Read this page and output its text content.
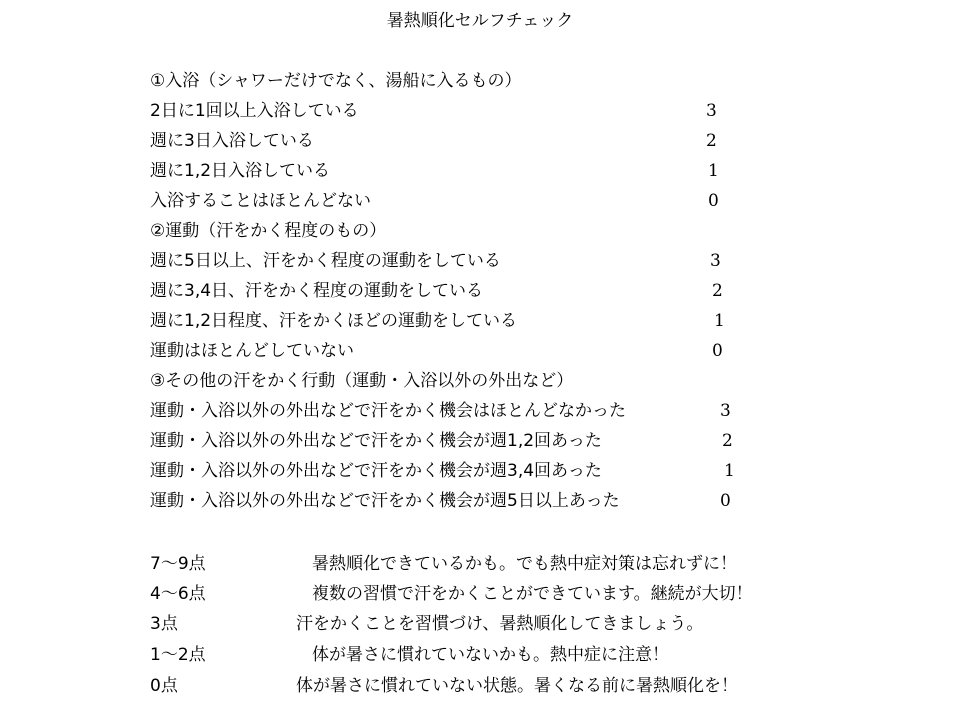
暑熱順化セルフチェック
①入浴（シャワーだけでなく、湯船に入るもの）
2日に1回以上入浴している	3
週に3日入浴している	2
週に1,2日入浴している	1
入浴することはほとんどない	0
②運動（汗をかく程度のもの）
週に5日以上、汗をかく程度の運動をしている	3
週に3,4日、汗をかく程度の運動をしている	2
週に1,2日程度、汗をかくほどの運動をしている	1
運動はほとんどしていない	0
③その他の汗をかく行動（運動・入浴以外の外出など）
運動・入浴以外の外出などで汗をかく機会はほとんどなかった	3
運動・入浴以外の外出などで汗をかく機会が週1,2回あった	2
運動・入浴以外の外出などで汗をかく機会が週3,4回あった	1
運動・入浴以外の外出などで汗をかく機会が週5日以上あった	0
7〜9点	暑熱順化できているかも。でも熱中症対策は忘れずに！
4〜6点	複数の習慣で汗をかくことができています。継続が大切！
3点	汗をかくことを習慣づけ、暑熱順化してきましょう。
1〜2点	体が暑さに慣れていないかも。熱中症に注意！
0点	体が暑さに慣れていない状態。暑くなる前に暑熱順化を！
